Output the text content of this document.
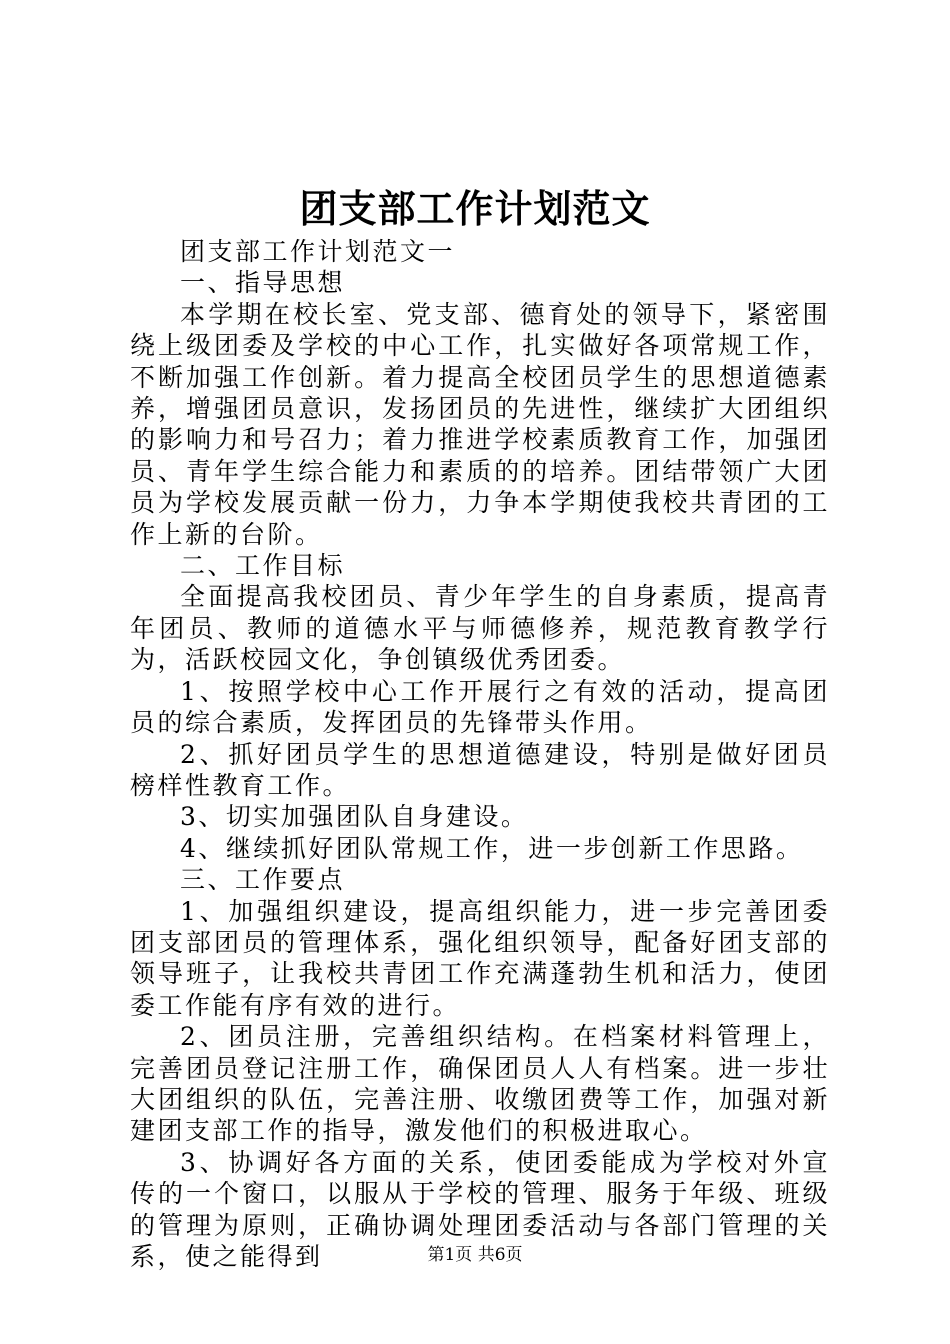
团支部工作计划范文

团支部工作计划范文一

一、指导思想

本学期在校长室、党支部、德育处的领导下，紧密围绕上级团委及学校的中心工作，扎实做好各项常规工作，不断加强工作创新。着力提高全校团员学生的思想道德素养，增强团员意识，发扬团员的先进性，继续扩大团组织的影响力和号召力；着力推进学校素质教育工作，加强团员、青年学生综合能力和素质的的培养。团结带领广大团员为学校发展贡献一份力，力争本学期使我校共青团的工作上新的台阶。

二、工作目标

全面提高我校团员、青少年学生的自身素质，提高青年团员、教师的道德水平与师德修养，规范教育教学行为，活跃校园文化，争创镇级优秀团委。

1、按照学校中心工作开展行之有效的活动，提高团员的综合素质，发挥团员的先锋带头作用。

2、抓好团员学生的思想道德建设，特别是做好团员榜样性教育工作。

3、切实加强团队自身建设。

4、继续抓好团队常规工作，进一步创新工作思路。

三、工作要点

1、加强组织建设，提高组织能力，进一步完善团委团支部团员的管理体系，强化组织领导，配备好团支部的领导班子，让我校共青团工作充满蓬勃生机和活力，使团委工作能有序有效的进行。

2、团员注册，完善组织结构。在档案材料管理上，完善团员登记注册工作，确保团员人人有档案。进一步壮大团组织的队伍，完善注册、收缴团费等工作，加强对新建团支部工作的指导，激发他们的积极进取心。

3、协调好各方面的关系，使团委能成为学校对外宣传的一个窗口，以服从于学校的管理、服务于年级、班级的管理为原则，正确协调处理团委活动与各部门管理的关系，使之能得到	第1页 共6页
